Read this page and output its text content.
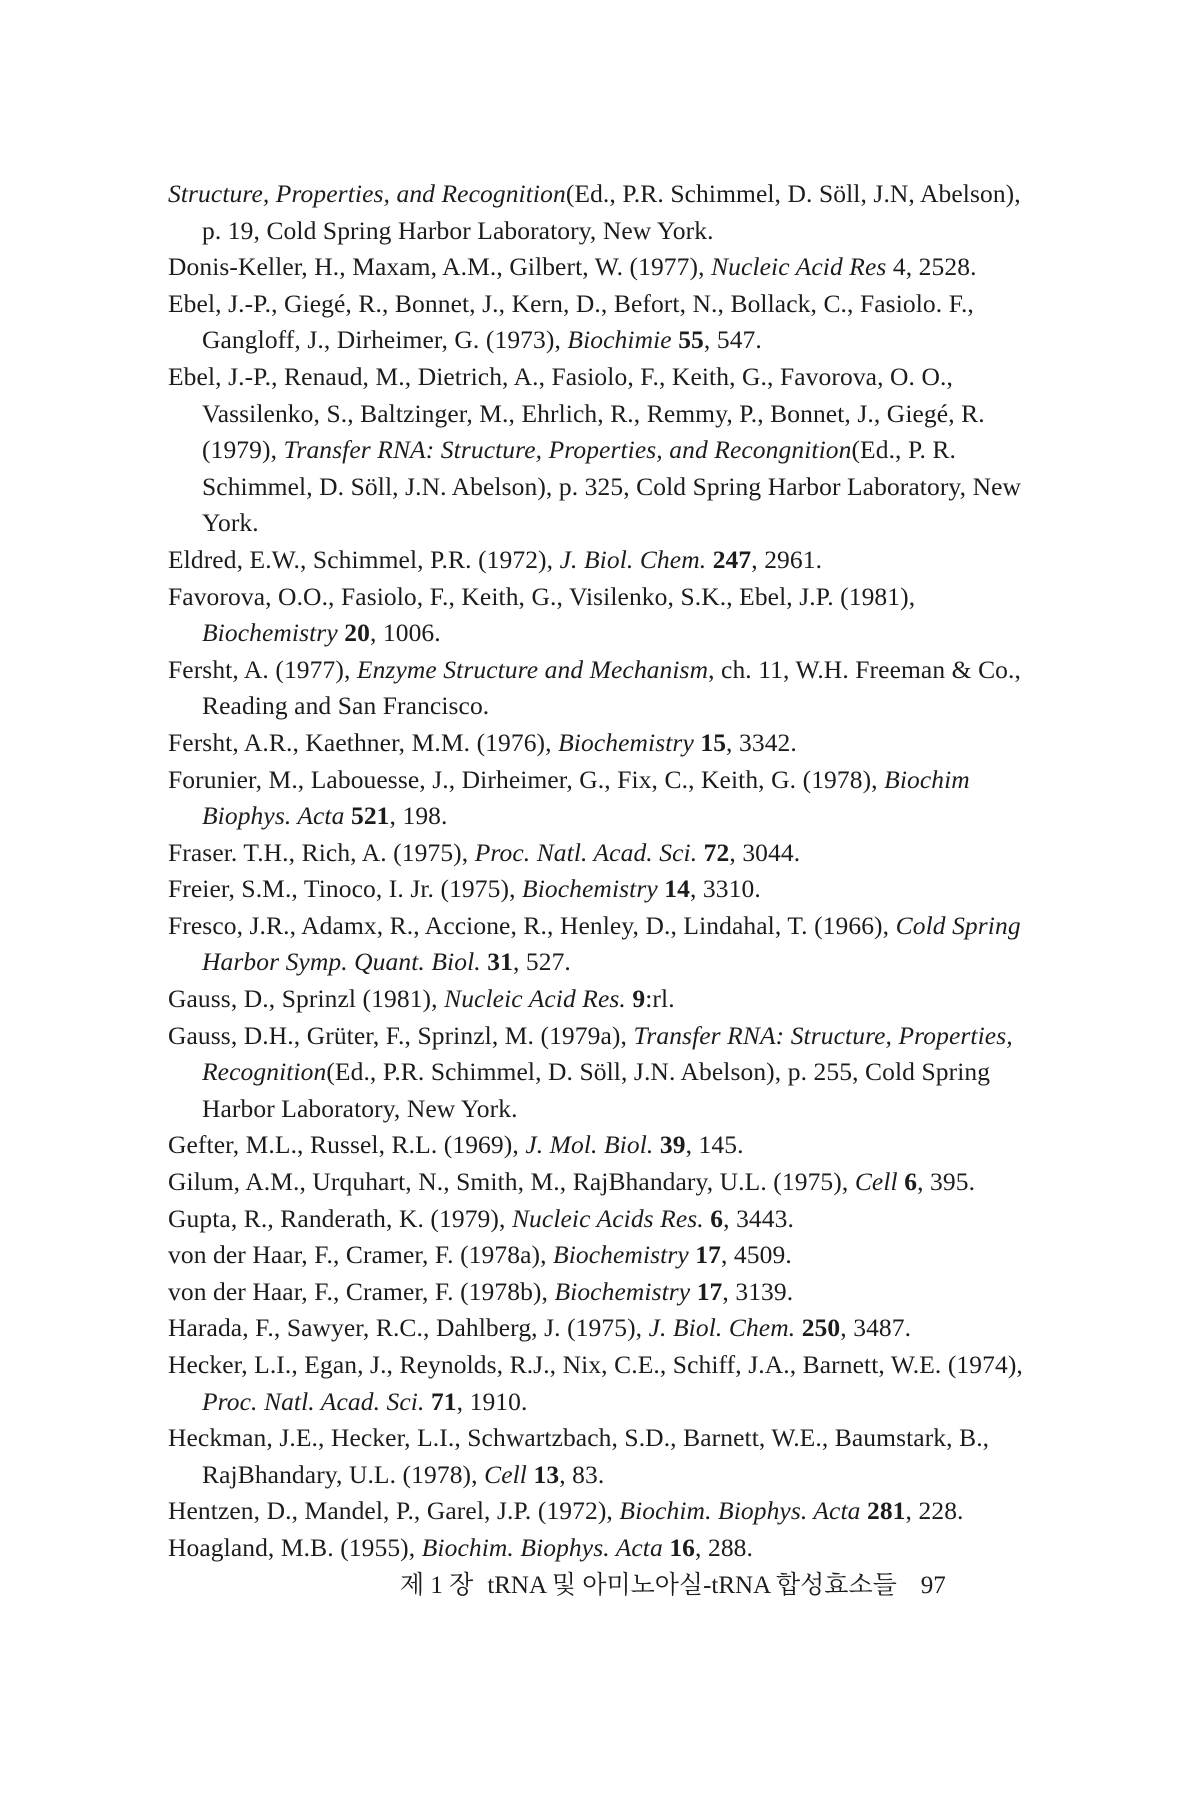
Structure, Properties, and Recognition(Ed., P.R. Schimmel, D. Söll, J.N, Abelson), p. 19, Cold Spring Harbor Laboratory, New York.
Donis-Keller, H., Maxam, A.M., Gilbert, W. (1977), Nucleic Acid Res 4, 2528.
Ebel, J.-P., Giegé, R., Bonnet, J., Kern, D., Befort, N., Bollack, C., Fasiolo. F., Gangloff, J., Dirheimer, G. (1973), Biochimie 55, 547.
Ebel, J.-P., Renaud, M., Dietrich, A., Fasiolo, F., Keith, G., Favorova, O. O., Vassilenko, S., Baltzinger, M., Ehrlich, R., Remmy, P., Bonnet, J., Giegé, R. (1979), Transfer RNA: Structure, Properties, and Recongnition(Ed., P. R. Schimmel, D. Söll, J.N. Abelson), p. 325, Cold Spring Harbor Laboratory, New York.
Eldred, E.W., Schimmel, P.R. (1972), J. Biol. Chem. 247, 2961.
Favorova, O.O., Fasiolo, F., Keith, G., Visilenko, S.K., Ebel, J.P. (1981), Biochemistry 20, 1006.
Fersht, A. (1977), Enzyme Structure and Mechanism, ch. 11, W.H. Freeman & Co., Reading and San Francisco.
Fersht, A.R., Kaethner, M.M. (1976), Biochemistry 15, 3342.
Forunier, M., Labouesse, J., Dirheimer, G., Fix, C., Keith, G. (1978), Biochim Biophys. Acta 521, 198.
Fraser. T.H., Rich, A. (1975), Proc. Natl. Acad. Sci. 72, 3044.
Freier, S.M., Tinoco, I. Jr. (1975), Biochemistry 14, 3310.
Fresco, J.R., Adamx, R., Accione, R., Henley, D., Lindahal, T. (1966), Cold Spring Harbor Symp. Quant. Biol. 31, 527.
Gauss, D., Sprinzl (1981), Nucleic Acid Res. 9:rl.
Gauss, D.H., Grüter, F., Sprinzl, M. (1979a), Transfer RNA: Structure, Properties, Recognition(Ed., P.R. Schimmel, D. Söll, J.N. Abelson), p. 255, Cold Spring Harbor Laboratory, New York.
Gefter, M.L., Russel, R.L. (1969), J. Mol. Biol. 39, 145.
Gilum, A.M., Urquhart, N., Smith, M., RajBhandary, U.L. (1975), Cell 6, 395.
Gupta, R., Randerath, K. (1979), Nucleic Acids Res. 6, 3443.
von der Haar, F., Cramer, F. (1978a), Biochemistry 17, 4509.
von der Haar, F., Cramer, F. (1978b), Biochemistry 17, 3139.
Harada, F., Sawyer, R.C., Dahlberg, J. (1975), J. Biol. Chem. 250, 3487.
Hecker, L.I., Egan, J., Reynolds, R.J., Nix, C.E., Schiff, J.A., Barnett, W.E. (1974), Proc. Natl. Acad. Sci. 71, 1910.
Heckman, J.E., Hecker, L.I., Schwartzbach, S.D., Barnett, W.E., Baumstark, B., RajBhandary, U.L. (1978), Cell 13, 83.
Hentzen, D., Mandel, P., Garel, J.P. (1972), Biochim. Biophys. Acta 281, 228.
Hoagland, M.B. (1955), Biochim. Biophys. Acta 16, 288.
제 1 장 tRNA 및 아미노아실-tRNA 합성효소들 97
